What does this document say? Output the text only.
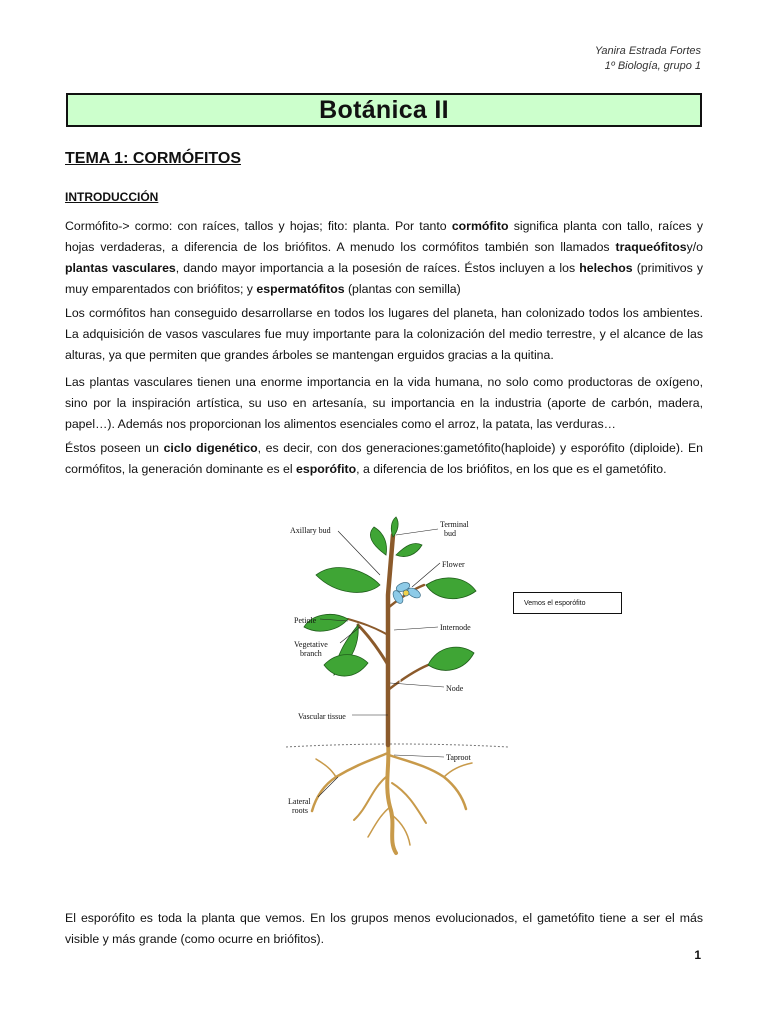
Yanira Estrada Fortes
1º Biología, grupo 1
Botánica II
TEMA 1: CORMÓFITOS
INTRODUCCIÓN

Cormófito-> cormo: con raíces, tallos y hojas; fito: planta. Por tanto cormófito significa planta con tallo, raíces y hojas verdaderas, a diferencia de los briófitos. A menudo los cormófitos también son llamados traqueófitosy/o plantas vasculares, dando mayor importancia a la posesión de raíces. Éstos incluyen a los helechos (primitivos y muy emparentados con briófitos; y espermatófitos (plantas con semilla)

Los cormófitos han conseguido desarrollarse en todos los lugares del planeta, han colonizado todos los ambientes. La adquisición de vasos vasculares fue muy importante para la colonización del medio terrestre, y el alcance de las alturas, ya que permiten que grandes árboles se mantengan erguidos gracias a la quitina.

Las plantas vasculares tienen una enorme importancia en la vida humana, no solo como productoras de oxígeno, sino por la inspiración artística, su uso en artesanía, su importancia en la industria (aporte de carbón, madera, papel…). Además nos proporcionan los alimentos esenciales como el arroz, la patata, las verduras…

Éstos poseen un ciclo digenético, es decir, con dos generaciones:gametófito(haploide) y esporófito (diploide). En cormófitos, la generación dominante es el esporófito, a diferencia de los briófitos, en los que es el gametófito.

Axillary bud
Terminal
bud
Flower
Petiole
Internode
Vegetative
branch
Node
Vascular tissue
Taproot
Lateral
roots
Vemos el esporófito

El esporófito es toda la planta que vemos. En los grupos menos evolucionados, el gametófito tiene a ser el más visible y más grande (como ocurre en briófitos).

1
